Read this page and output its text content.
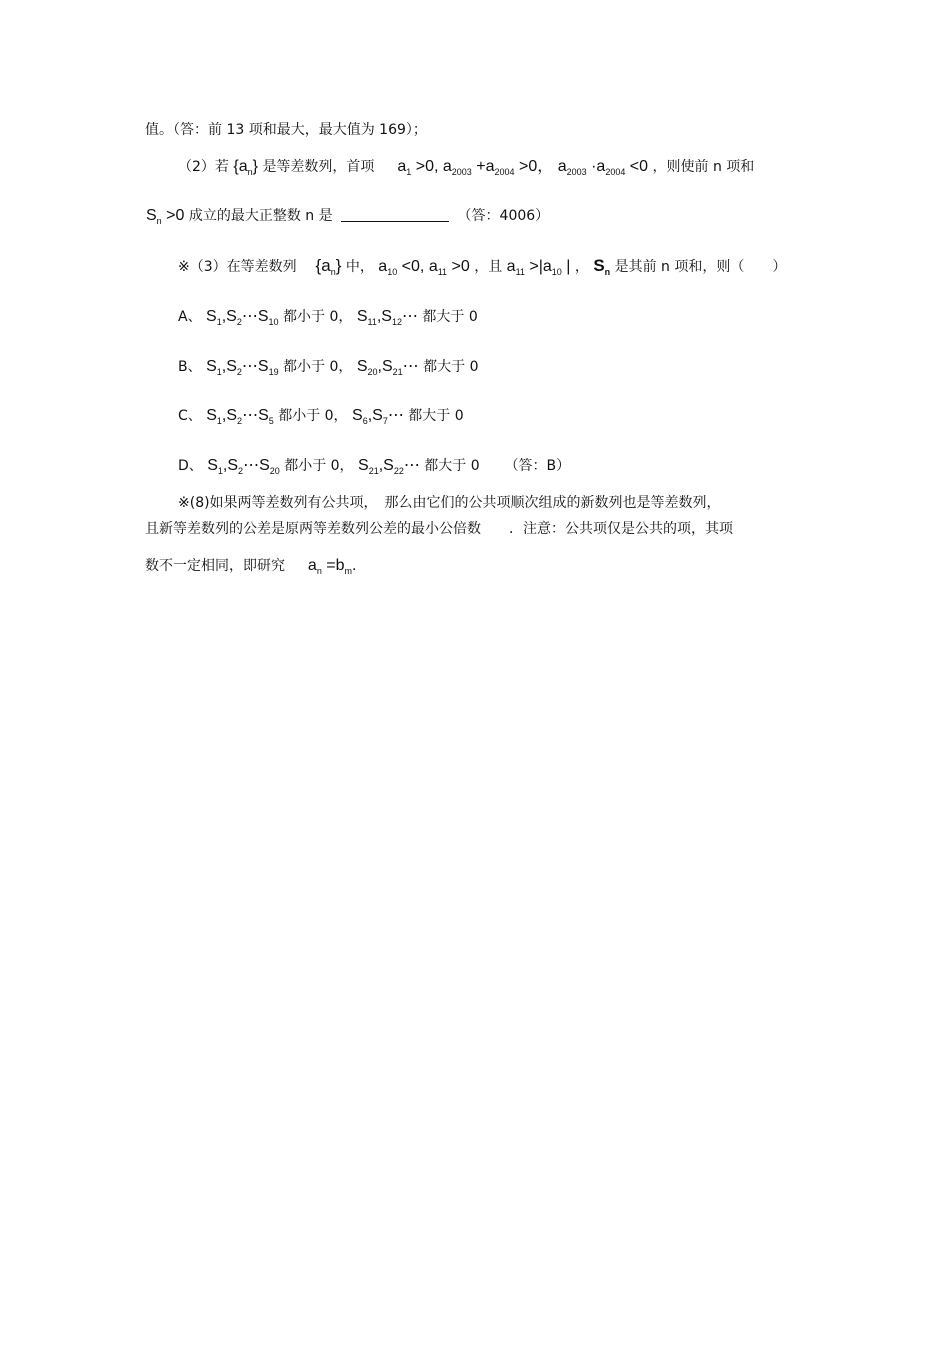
值。（答：前 13 项和最大，最大值为 169）；
（2）若 $\{a_n\}$ 是等差数列，首项 $a_1 >0$, $a_{2003} +a_{2004} >0$， $a_{2003} \cdot a_{2004} <0$ ，则使前 n 项和
$S_n >0$ 成立的最大正整数 n 是	（答：4006）
※（3）在等差数列 $\{a_n\}$ 中， $a_{10} <0$, $a_{11} >0$ ，且 $a_{11} >|a_{10}$ | ， $S_n$ 是其前 n 项和，则（　　）
A、 $S_1,S_2\cdots S_{10}$ 都小于 0， $S_{11},S_{12}\cdots$ 都大于 0
B、 $S_1,S_2\cdots S_{19}$ 都小于 0， $S_{20},S_{21}\cdots$ 都大于 0
C、 $S_1,S_2\cdots S_5$ 都小于 0， $S_6,S_7\cdots$ 都大于 0
D、 $S_1,S_2\cdots S_{20}$ 都小于 0， $S_{21},S_{22}\cdots$ 都大于 0 （答：B）
※(8)如果两等差数列有公共项，　那么由它们的公共项顺次组成的新数列也是等差数列，
且新等差数列的公差是原两等差数列公差的最小公倍数　　．注意：公共项仅是公共的项，其项
数不一定相同，即研究 $a_n =b_m$.
